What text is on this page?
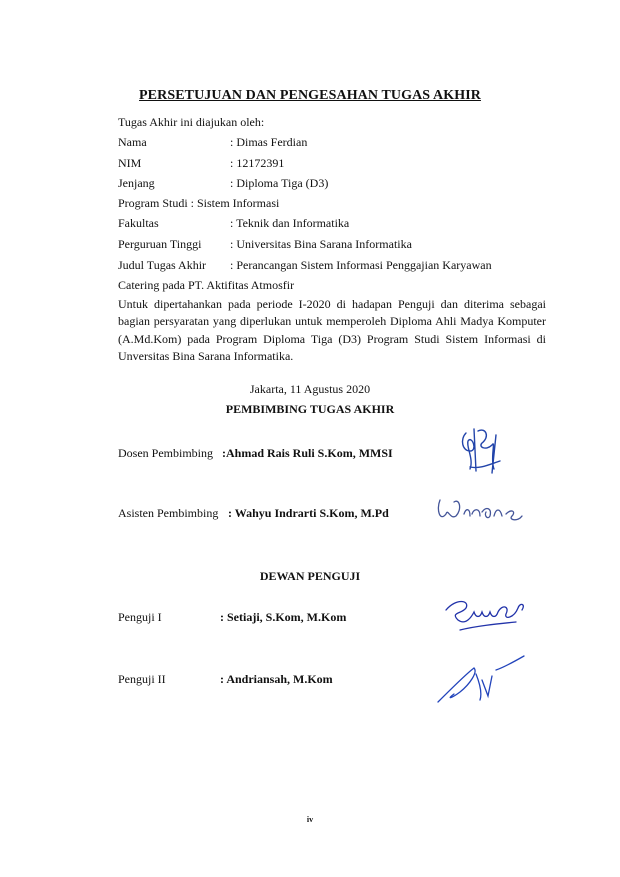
PERSETUJUAN DAN PENGESAHAN TUGAS AKHIR
Tugas Akhir ini diajukan oleh:
Nama	: Dimas Ferdian
NIM	: 12172391
Jenjang	: Diploma Tiga (D3)
Program Studi : Sistem Informasi
Fakultas	: Teknik dan Informatika
Perguruan Tinggi : Universitas Bina Sarana Informatika
Judul Tugas Akhir : Perancangan Sistem Informasi Penggajian Karyawan
Catering pada PT. Aktifitas Atmosfir
Untuk dipertahankan pada periode I-2020 di hadapan Penguji dan diterima sebagai bagian persyaratan yang diperlukan untuk memperoleh Diploma Ahli Madya Komputer (A.Md.Kom) pada Program Diploma Tiga (D3) Program Studi Sistem Informasi di Unversitas Bina Sarana Informatika.
Jakarta, 11 Agustus 2020
PEMBIMBING TUGAS AKHIR
Dosen Pembimbing :Ahmad Rais Ruli S.Kom, MMSI
Asisten Pembimbing : Wahyu Indrarti S.Kom, M.Pd
DEWAN PENGUJI
Penguji I	: Setiaji, S.Kom, M.Kom
Penguji II	: Andriansah, M.Kom
iv
